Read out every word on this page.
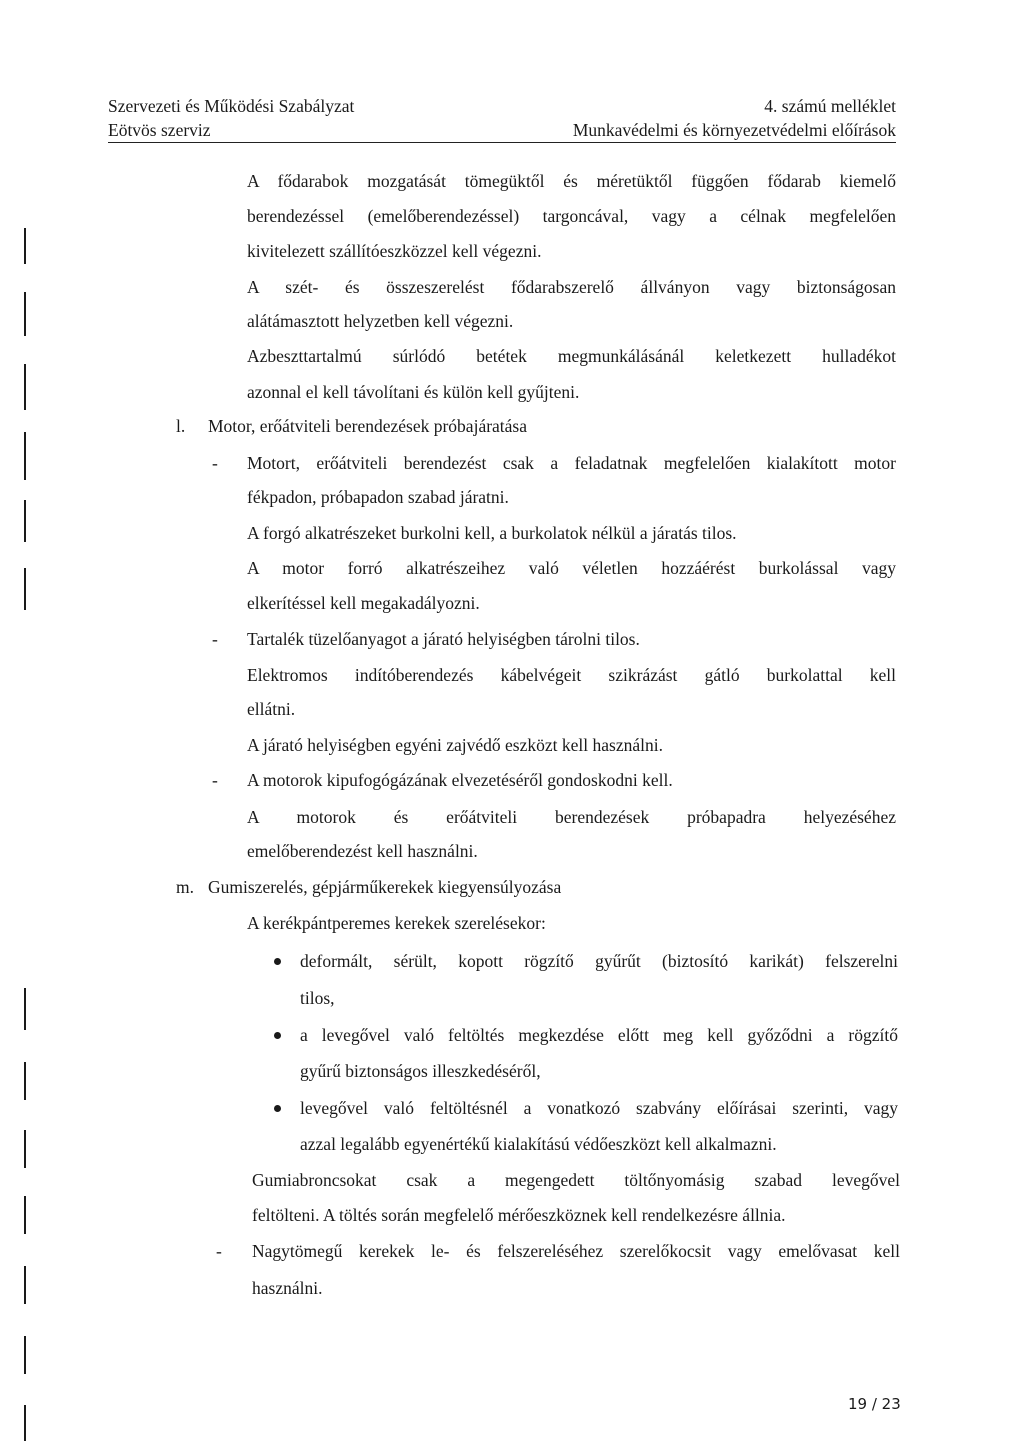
Szervezeti és Működési Szabályzat
Eötvös szerviz
4. számú melléklet
Munkavédelmi és környezetvédelmi előírások
A fődarabok mozgatását tömegüktől és méretüktől függően fődarab kiemelő
berendezéssel (emelőberendezéssel) targoncával, vagy a célnak megfelelően
kivitelezett szállítóeszközzel kell végezni.
A szét- és összeszerelést fődarabszerelő állványon vagy biztonságosan
alátámasztott helyzetben kell végezni.
Azbeszttartalmú súrlódó betétek megmunkálásánál keletkezett hulladékot
azonnal el kell távolítani és külön kell gyűjteni.
l. Motor, erőátviteli berendezések próbajáratása
- Motort, erőátviteli berendezést csak a feladatnak megfelelően kialakított motor
fékpadon, próbapadon szabad járatni.
A forgó alkatrészeket burkolni kell, a burkolatok nélkül a járatás tilos.
A motor forró alkatrészeihez való véletlen hozzáérést burkolással vagy
elkerítéssel kell megakadályozni.
- Tartalék tüzelőanyagot a járató helyiségben tárolni tilos.
Elektromos indítóberendezés kábelvégeit szikrázást gátló burkolattal kell
ellátni.
A járató helyiségben egyéni zajvédő eszközt kell használni.
- A motorok kipufogógázának elvezetéséről gondoskodni kell.
A motorok és erőátviteli berendezések próbapadra helyezéséhez
emelőberendezést kell használni.
m. Gumiszerelés, gépjárműkerekek kiegyensúlyozása
A kerékpántperemes kerekek szerelésekor:
deformált, sérült, kopott rögzítő gyűrűt (biztosító karikát) felszerelni
tilos,
a levegővel való feltöltés megkezdése előtt meg kell győződni a rögzítő
gyűrű biztonságos illeszkedéséről,
levegővel való feltöltésnél a vonatkozó szabvány előírásai szerinti, vagy
azzal legalább egyenértékű kialakítású védőeszközt kell alkalmazni.
Gumiabroncsokat csak a megengedett töltőnyomásig szabad levegővel
feltölteni. A töltés során megfelelő mérőeszköznek kell rendelkezésre állnia.
- Nagytömegű kerekek le- és felszereléséhez szerelőkocsit vagy emelővasat kell
használni.
19 / 23
